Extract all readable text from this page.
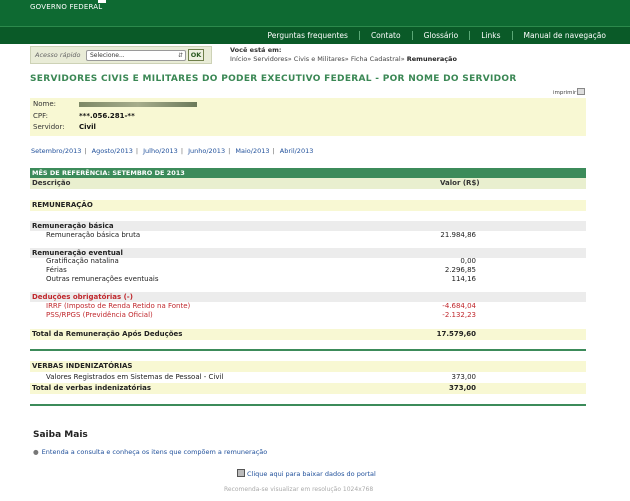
GOVERNO FEDERAL
Perguntas frequentes	Contato	Glossário	Links	Manual de navegação
Acesso rápido	Selecione...	⇵	OK
Você está em:
Início» Servidores» Civis e Militares» Ficha Cadastral» Remuneração
SERVIDORES CIVIS E MILITARES DO PODER EXECUTIVO FEDERAL - POR NOME DO SERVIDOR
imprimir
Nome:
CPF:	***.056.281-**
Servidor:	Civil
Setembro/2013 | Agosto/2013 | Julho/2013 | Junho/2013 | Maio/2013 | Abril/2013
MÊS DE REFERÊNCIA: SETEMBRO DE 2013
Descrição	Valor (R$)
REMUNERAÇÃO
Remuneração básica
Remuneração básica bruta	21.984,86
Remuneração eventual
Gratificação natalina	0,00
Férias	2.296,85
Outras remunerações eventuais	114,16
Deduções obrigatórias (-)
IRRF (Imposto de Renda Retido na Fonte)	-4.684,04
PSS/RPGS (Previdência Oficial)	-2.132,23
Total da Remuneração Após Deduções	17.579,60
VERBAS INDENIZATÓRIAS
Valores Registrados em Sistemas de Pessoal - Civil	373,00
Total de verbas indenizatórias	373,00
Saiba Mais
● Entenda a consulta e conheça os itens que compõem a remuneração
Clique aqui para baixar dados do portal
Recomenda-se visualizar em resolução 1024x768
